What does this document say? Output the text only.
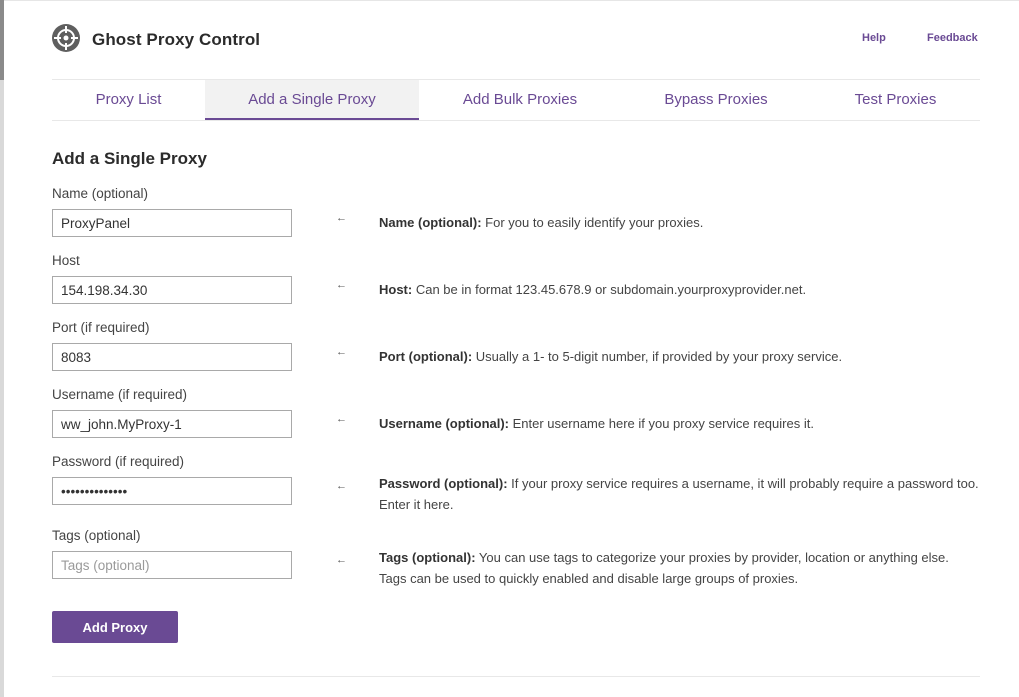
Ghost Proxy Control	Help	Feedback
Proxy List	Add a Single Proxy	Add Bulk Proxies	Bypass Proxies	Test Proxies
Add a Single Proxy
Name (optional)
ProxyPanel
← Name (optional): For you to easily identify your proxies.
Host
154.198.34.30
← Host: Can be in format 123.45.678.9 or subdomain.yourproxyprovider.net.
Port (if required)
8083
← Port (optional): Usually a 1- to 5-digit number, if provided by your proxy service.
Username (if required)
ww_john.MyProxy-1
← Username (optional): Enter username here if you proxy service requires it.
Password (if required)
••••••••••••••
← Password (optional): If your proxy service requires a username, it will probably require a password too. Enter it here.
Tags (optional)
Tags (optional)
← Tags (optional): You can use tags to categorize your proxies by provider, location or anything else. Tags can be used to quickly enabled and disable large groups of proxies.
Add Proxy
